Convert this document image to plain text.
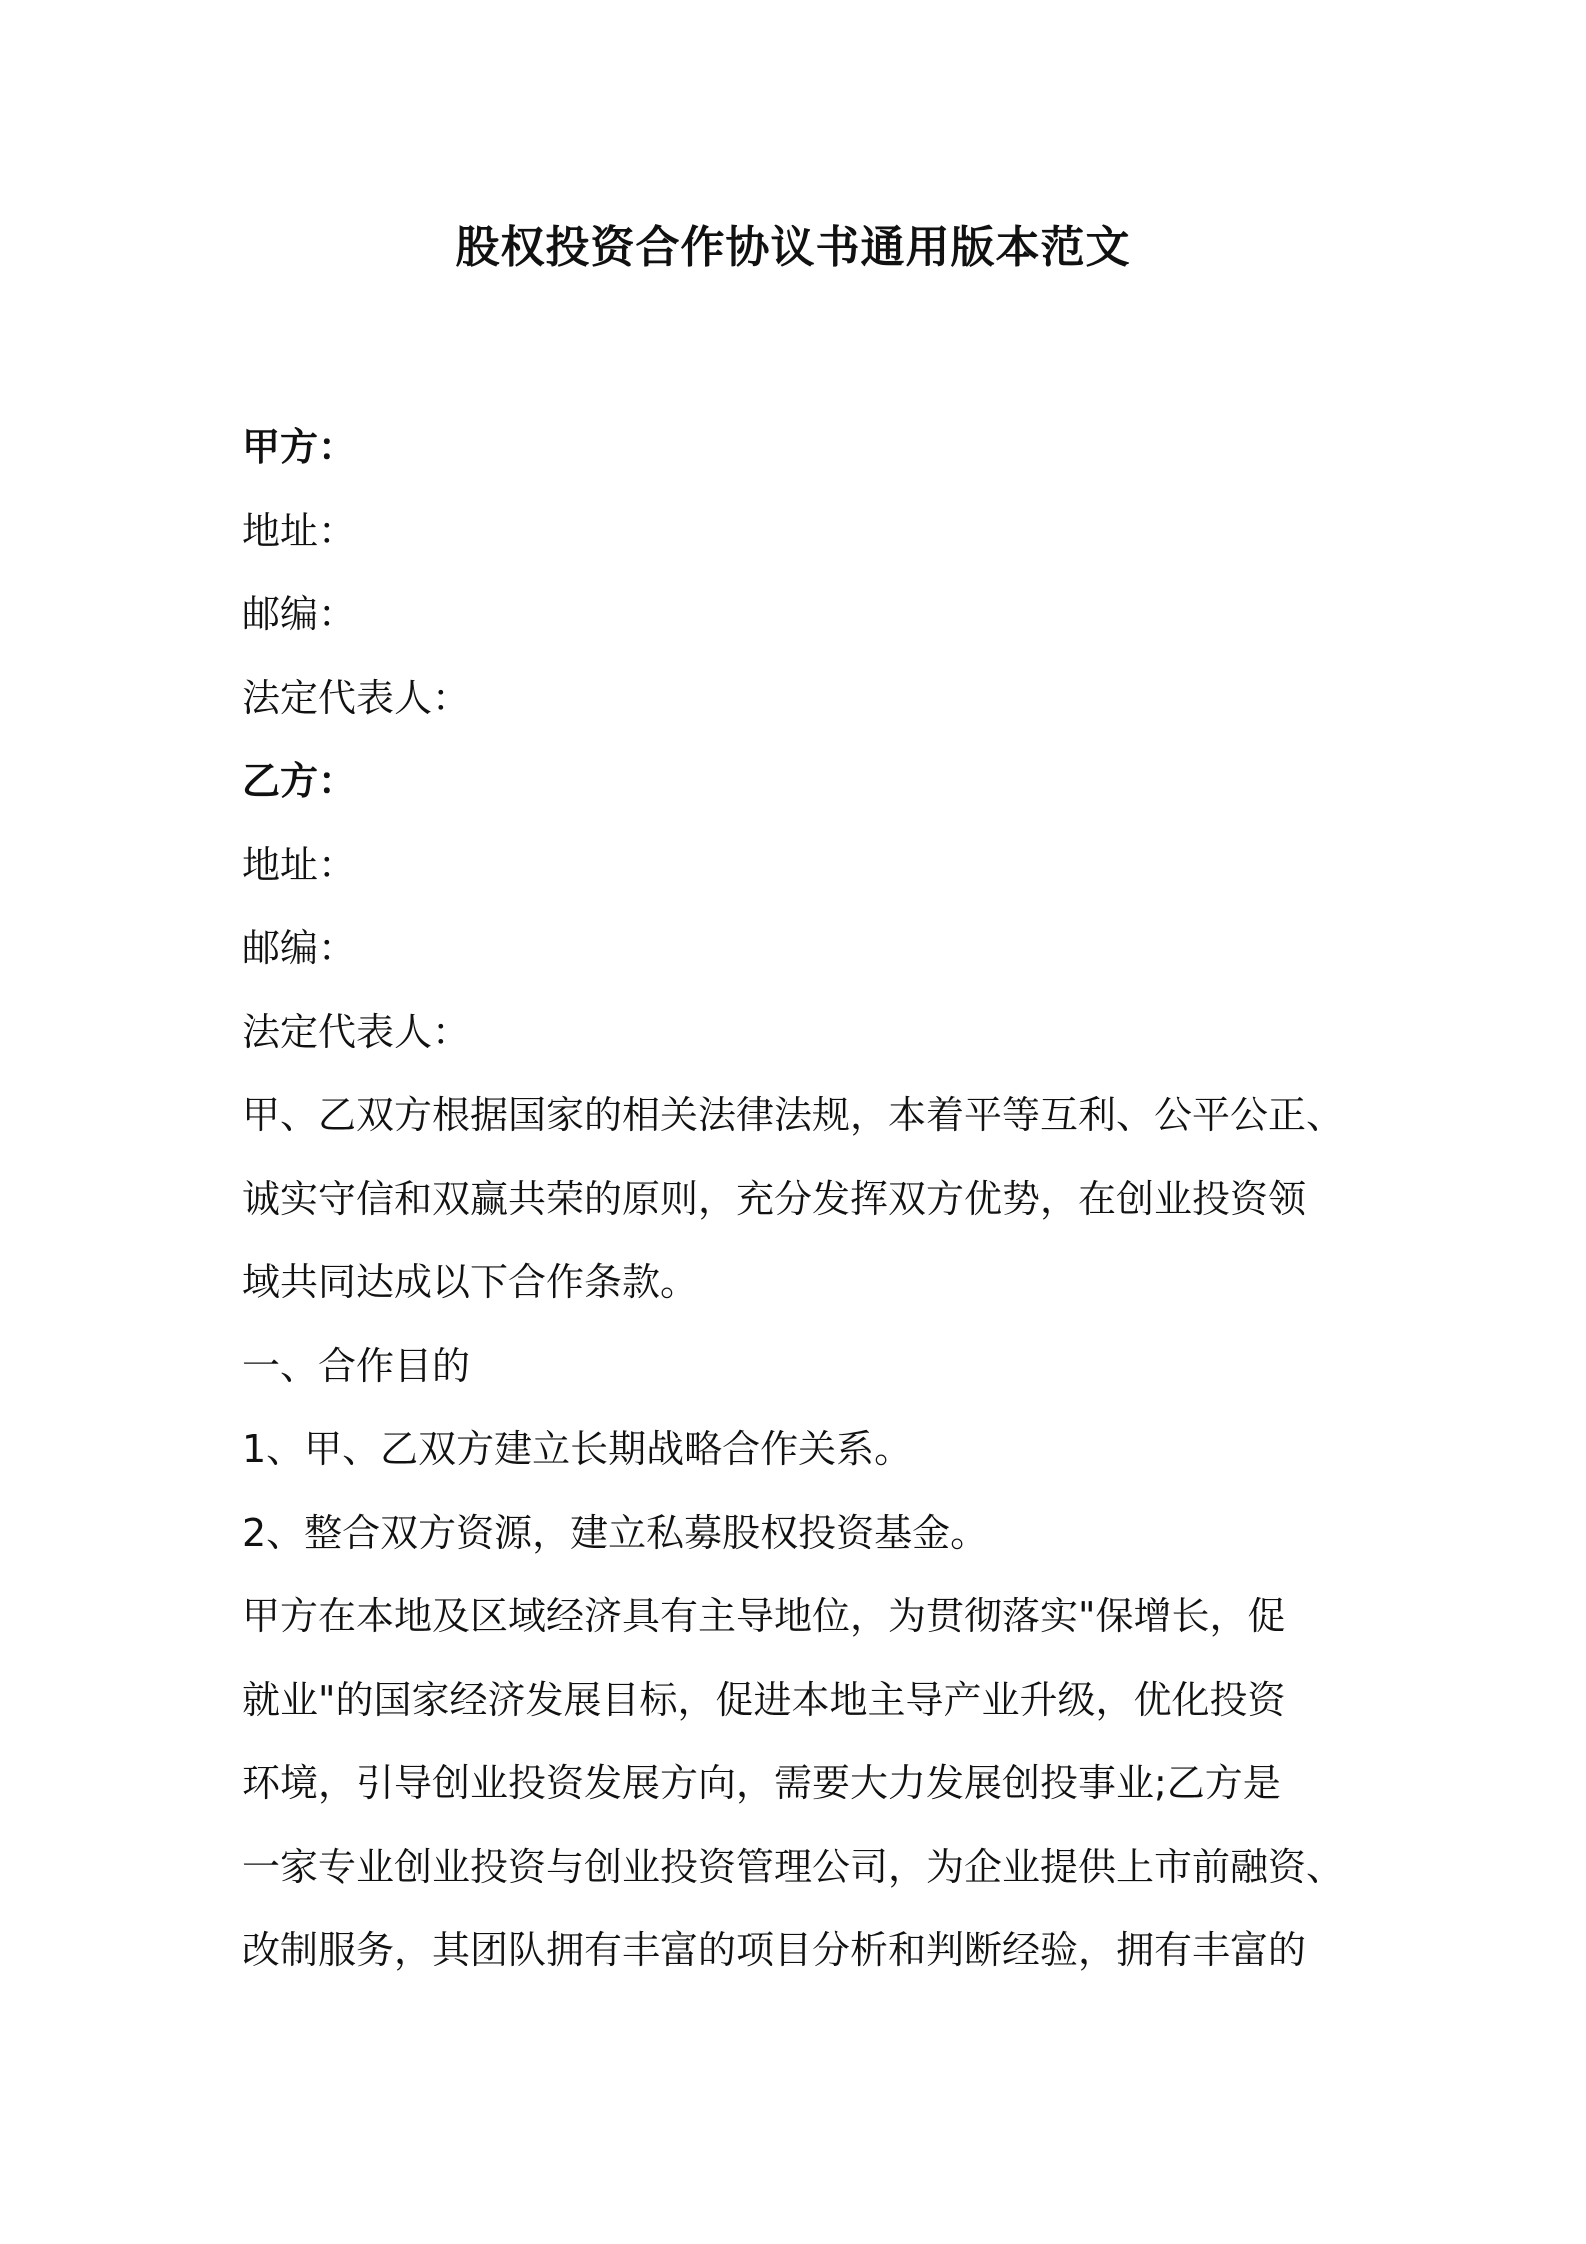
股权投资合作协议书通用版本范文
甲方：
地址：
邮编：
法定代表人：
乙方：
地址：
邮编：
法定代表人：
甲、乙双方根据国家的相关法律法规，本着平等互利、公平公正、
诚实守信和双赢共荣的原则，充分发挥双方优势，在创业投资领
域共同达成以下合作条款。
一、合作目的
1、甲、乙双方建立长期战略合作关系。
2、整合双方资源，建立私募股权投资基金。
甲方在本地及区域经济具有主导地位，为贯彻落实"保增长，促
就业"的国家经济发展目标，促进本地主导产业升级，优化投资
环境，引导创业投资发展方向，需要大力发展创投事业;乙方是
一家专业创业投资与创业投资管理公司，为企业提供上市前融资、
改制服务，其团队拥有丰富的项目分析和判断经验，拥有丰富的
